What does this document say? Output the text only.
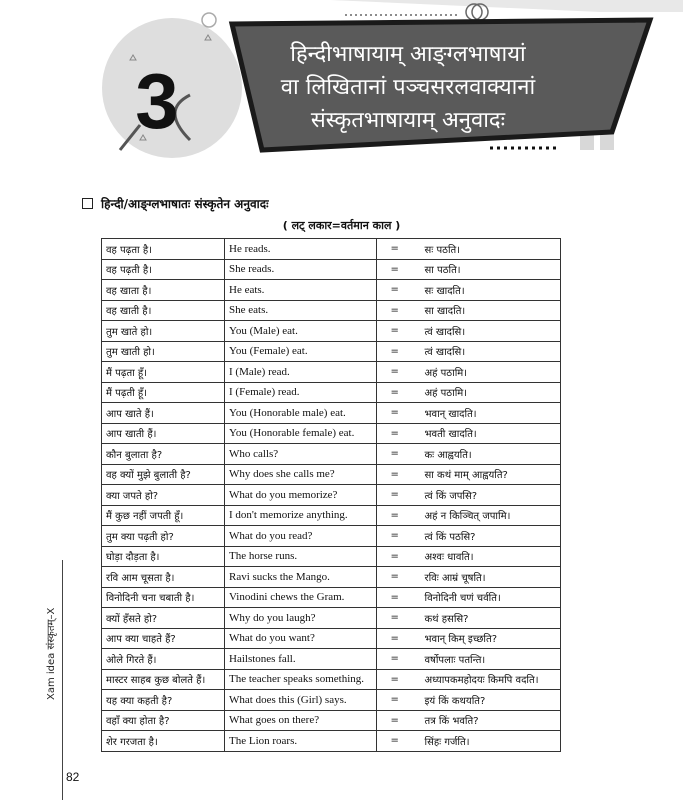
3
हिन्दीभाषायाम् आङ्ग्लभाषायां
वा लिखितानां पञ्चसरलवाक्यानां
संस्कृतभाषायाम् अनुवादः
हिन्दी/आङ्ग्लभाषातः संस्कृतेन अनुवादः
( लट् लकार=वर्तमान काल )
वह पढ़ता है।	He reads.	=	सः पठति।
वह पढ़ती है।	She reads.	=	सा पठति।
वह खाता है।	He eats.	=	सः खादति।
वह खाती है।	She eats.	=	सा खादति।
तुम खाते हो।	You (Male) eat.	=	त्वं खादसि।
तुम खाती हो।	You (Female) eat.	=	त्वं खादसि।
मैं पढ़ता हूँ।	I (Male) read.	=	अहं पठामि।
मैं पढ़ती हूँ।	I (Female) read.	=	अहं पठामि।
आप खाते हैं।	You (Honorable male) eat.	=	भवान् खादति।
आप खाती हैं।	You (Honorable female) eat.	=	भवती खादति।
कौन बुलाता है?	Who calls?	=	कः आह्वयति।
वह क्यों मुझे बुलाती है?	Why does she calls me?	=	सा कथं माम् आह्वयति?
क्या जपते हो?	What do you memorize?	=	त्वं किं जपसि?
मैं कुछ नहीं जपती हूँ।	I don't memorize anything.	=	अहं न किञ्चित् जपामि।
तुम क्या पढ़ती हो?	What do you read?	=	त्वं किं पठसि?
घोड़ा दौड़ता है।	The horse runs.	=	अश्वः धावति।
रवि आम चूसता है।	Ravi sucks the Mango.	=	रविः आम्रं चूषति।
विनोदिनी चना चबाती है।	Vinodini chews the Gram.	=	विनोदिनी चणं चर्वति।
क्यों हँसते हो?	Why do you laugh?	=	कथं हससि?
आप क्या चाहते हैं?	What do you want?	=	भवान् किम् इच्छति?
ओले गिरते हैं।	Hailstones fall.	=	वर्षोपलाः पतन्ति।
मास्टर साहब कुछ बोलते हैं।	The teacher speaks something.	=	अध्यापकमहोदयः किमपि वदति।
यह क्या कहती है?	What does this (Girl) says.	=	इयं किं कथयति?
वहाँ क्या होता है?	What goes on there?	=	तत्र किं भवति?
शेर गरजता है।	The Lion roars.	=	सिंहः गर्जति।
Xam idea संस्कृतम्–X
82
